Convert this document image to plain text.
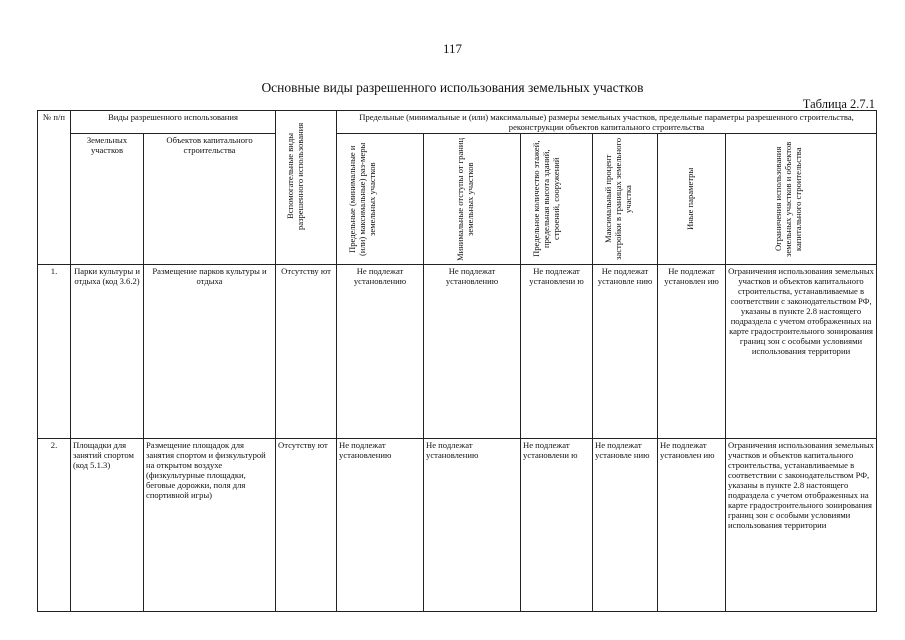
117
Основные виды разрешенного использования земельных участков
Таблица 2.7.1
№ п/п	Виды разрешенного использования		Вспомогательные виды разрешенного использования	Предельные (минимальные и (или) максимальные) размеры земельных участков, предельные параметры разрешенного строительства, реконструкции объектов капитального строительства					
	Земельных участков	Объектов капитального строительства		Предельные (минимальные и (или) максимальные) раз-меры земельных участков	Минимальные отступы от границ земельных участков	Предельное количество этажей, предельная высота зданий, строений, сооружений	Максимальный процент застройки в границах земельного участка	Иные параметры	Ограничения использования земельных участков и объектов капитального строительства

1.	Парки культуры и отдыха (код 3.6.2)	Размещение парков культуры и отдыха	Отсутству ют	Не подлежат установлению	Не подлежат установлению	Не подлежат установлени ю	Не подлежат установле нию	Не подлежат установлен ию	Ограничения использования земельных участков и объектов капитального строительства, устанавливаемые в соответствии с законодательством РФ, указаны в пункте 2.8 настоящего подраздела с учетом отображенных на карте градостроительного зонирования границ зон с особыми условиями использования территории
2.	Площадки для занятий спортом (код 5.1.3)	Размещение площадок для занятия спортом и физкультурой на открытом воздухе (физкультурные площадки, беговые дорожки, поля для спортивной игры)	Отсутству ют	Не подлежат установлению	Не подлежат установлению	Не подлежат установлени ю	Не подлежат установле нию	Не подлежат установлен ию	Ограничения использования земельных участков и объектов капитального строительства, устанавливаемые в соответствии с законодательством РФ, указаны в пункте 2.8 настоящего подраздела с учетом отображенных на карте градостроительного зонирования границ зон с особыми условиями использования территории
